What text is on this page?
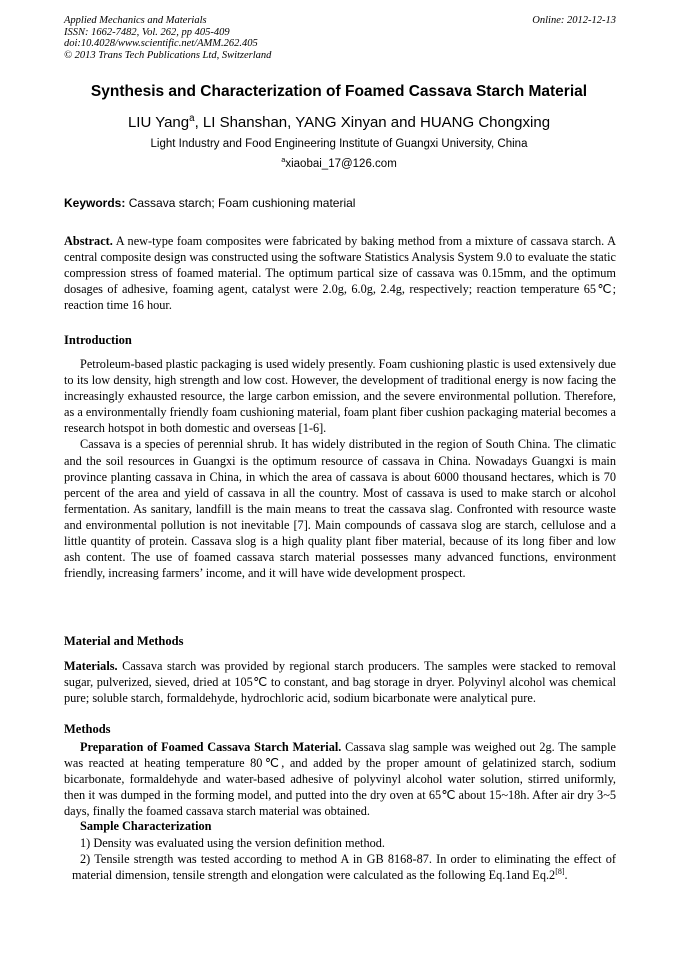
Applied Mechanics and Materials
ISSN: 1662-7482, Vol. 262, pp 405-409
doi:10.4028/www.scientific.net/AMM.262.405
© 2013 Trans Tech Publications Ltd, Switzerland
Online: 2012-12-13
Synthesis and Characterization of Foamed Cassava Starch Material
LIU Yang$^a$, LI Shanshan, YANG Xinyan and HUANG Chongxing
Light Industry and Food Engineering Institute of Guangxi University, China
$^a$xiaobai_17@126.com
Keywords: Cassava starch; Foam cushioning material

Abstract. A new-type foam composites were fabricated by baking method from a mixture of cassava starch. A central composite design was constructed using the software Statistics Analysis System 9.0 to evaluate the static compression stress of foamed material. The optimum partical size of cassava was 0.15mm, and the optimum dosages of adhesive, foaming agent, catalyst were 2.0g, 6.0g, 2.4g, respectively; reaction temperature 65℃; reaction time 16 hour.

Introduction

Petroleum-based plastic packaging is used widely presently. Foam cushioning plastic is used extensively due to its low density, high strength and low cost. However, the development of traditional energy is now facing the increasingly exhausted resource, the large carbon emission, and the severe environmental pollution. Therefore, as a environmentally friendly foam cushioning material, foam plant fiber cushion packaging material becomes a research hotspot in both domestic and overseas [1-6].

Cassava is a species of perennial shrub. It has widely distributed in the region of South China. The climatic and the soil resources in Guangxi is the optimum resource of cassava in China. Nowadays Guangxi is main province planting cassava in China, in which the area of cassava is about 6000 thousand hectares, which is 70 percent of the area and yield of cassava in all the country. Most of cassava is used to make starch or alcohol fermentation. As sanitary, landfill is the main means to treat the cassava slag. Confronted with resource waste and environmental pollution is not inevitable [7]. Main compounds of cassava slog are starch, cellulose and a little quantity of protein. Cassava slog is a high quality plant fiber material, because of its long fiber and low ash content. The use of foamed cassava starch material possesses many advanced functions, environment friendly, increasing farmers’ income, and it will have wide development prospect.

Material and Methods

Materials. Cassava starch was provided by regional starch producers. The samples were stacked to removal sugar, pulverized, sieved, dried at 105℃ to constant, and bag storage in dryer. Polyvinyl alcohol was chemical pure; soluble starch, formaldehyde, hydrochloric acid, sodium bicarbonate were analytical pure.

Methods

Preparation of Foamed Cassava Starch Material. Cassava slag sample was weighed out 2g. The sample was reacted at heating temperature 80℃, and added by the proper amount of gelatinized starch, sodium bicarbonate, formaldehyde and water-based adhesive of polyvinyl alcohol water solution, stirred uniformly, then it was dumped in the forming model, and putted into the dry oven at 65℃ about 15~18h. After air dry 3~5 days, finally the foamed cassava starch material was obtained.

Sample Characterization

1) Density was evaluated using the version definition method.

2) Tensile strength was tested according to method A in GB 8168-87. In order to eliminating the effect of material dimension, tensile strength and elongation were calculated as the following Eq.1and Eq.2[8].
